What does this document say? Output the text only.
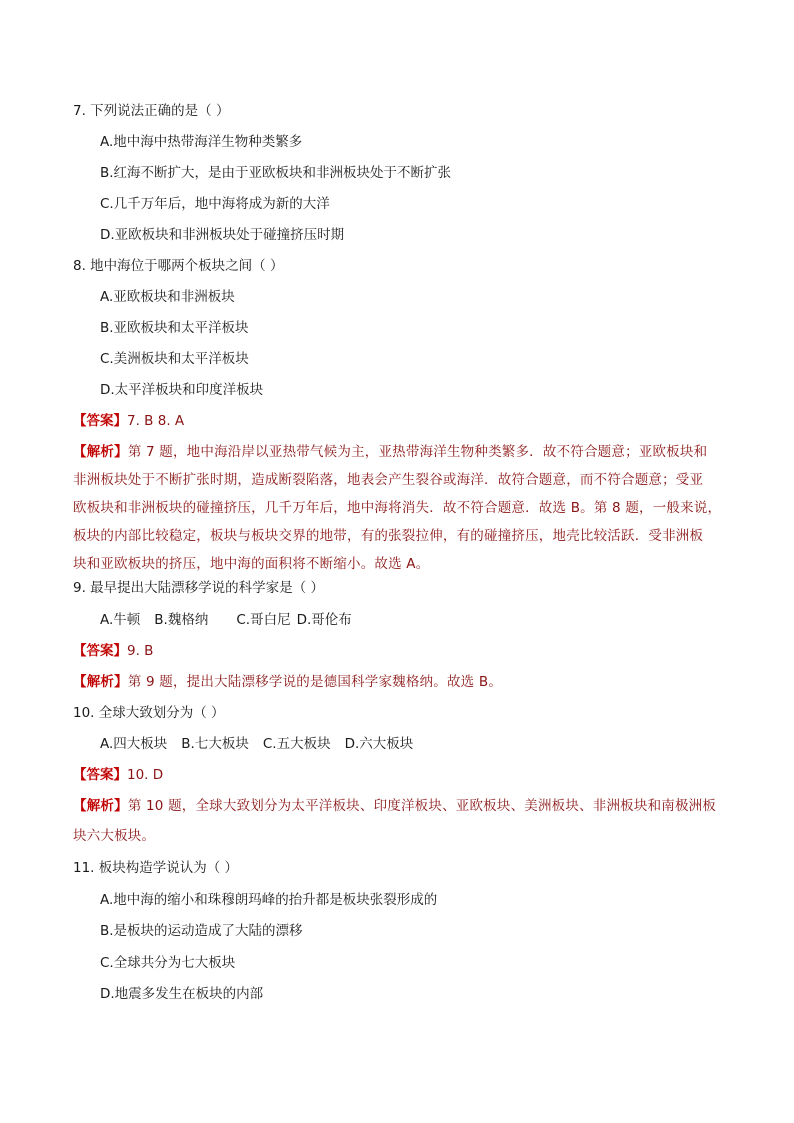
7. 下列说法正确的是（ ）
A.地中海中热带海洋生物种类繁多
B.红海不断扩大，是由于亚欧板块和非洲板块处于不断扩张
C.几千万年后，地中海将成为新的大洋
D.亚欧板块和非洲板块处于碰撞挤压时期
8. 地中海位于哪两个板块之间（ ）
A.亚欧板块和非洲板块
B.亚欧板块和太平洋板块
C.美洲板块和太平洋板块
D.太平洋板块和印度洋板块
【答案】7. B 8. A
【解析】第 7 题，地中海沿岸以亚热带气候为主，亚热带海洋生物种类繁多．故不符合题意；亚欧板块和
非洲板块处于不断扩张时期，造成断裂陷落，地表会产生裂谷或海洋．故符合题意，而不符合题意；受亚
欧板块和非洲板块的碰撞挤压，几千万年后，地中海将消失．故不符合题意．故选 B。第 8 题，一般来说，
板块的内部比较稳定，板块与板块交界的地带，有的张裂拉伸，有的碰撞挤压，地壳比较活跃．受非洲板
块和亚欧板块的挤压，地中海的面积将不断缩小。故选 A。
9. 最早提出大陆漂移学说的科学家是（ ）
A.牛顿 B.魏格纳 C.哥白尼 D.哥伦布
【答案】9. B
【解析】第 9 题，提出大陆漂移学说的是德国科学家魏格纳。故选 B。
10. 全球大致划分为（ ）
A.四大板块 B.七大板块 C.五大板块 D.六大板块
【答案】10. D
【解析】第 10 题，全球大致划分为太平洋板块、印度洋板块、亚欧板块、美洲板块、非洲板块和南极洲板
块六大板块。
11. 板块构造学说认为（ ）
A.地中海的缩小和珠穆朗玛峰的抬升都是板块张裂形成的
B.是板块的运动造成了大陆的漂移
C.全球共分为七大板块
D.地震多发生在板块的内部
